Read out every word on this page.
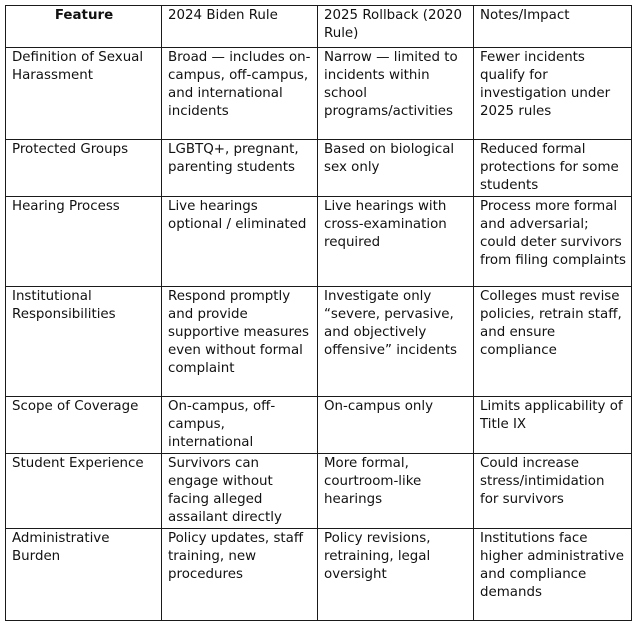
Feature	2024 Biden Rule	2025 Rollback (2020 Rule)	Notes/Impact
Definition of Sexual Harassment	Broad — includes on-campus, off-campus, and international incidents	Narrow — limited to incidents within school programs/activities	Fewer incidents qualify for investigation under 2025 rules
Protected Groups	LGBTQ+, pregnant, parenting students	Based on biological sex only	Reduced formal protections for some students
Hearing Process	Live hearings optional / eliminated	Live hearings with cross-examination required	Process more formal and adversarial; could deter survivors from filing complaints
Institutional Responsibilities	Respond promptly and provide supportive measures even without formal complaint	Investigate only “severe, pervasive, and objectively offensive” incidents	Colleges must revise policies, retrain staff, and ensure compliance
Scope of Coverage	On-campus, off-campus, international	On-campus only	Limits applicability of Title IX
Student Experience	Survivors can engage without facing alleged assailant directly	More formal, courtroom-like hearings	Could increase stress/intimidation for survivors
Administrative Burden	Policy updates, staff training, new procedures	Policy revisions, retraining, legal oversight	Institutions face higher administrative and compliance demands
